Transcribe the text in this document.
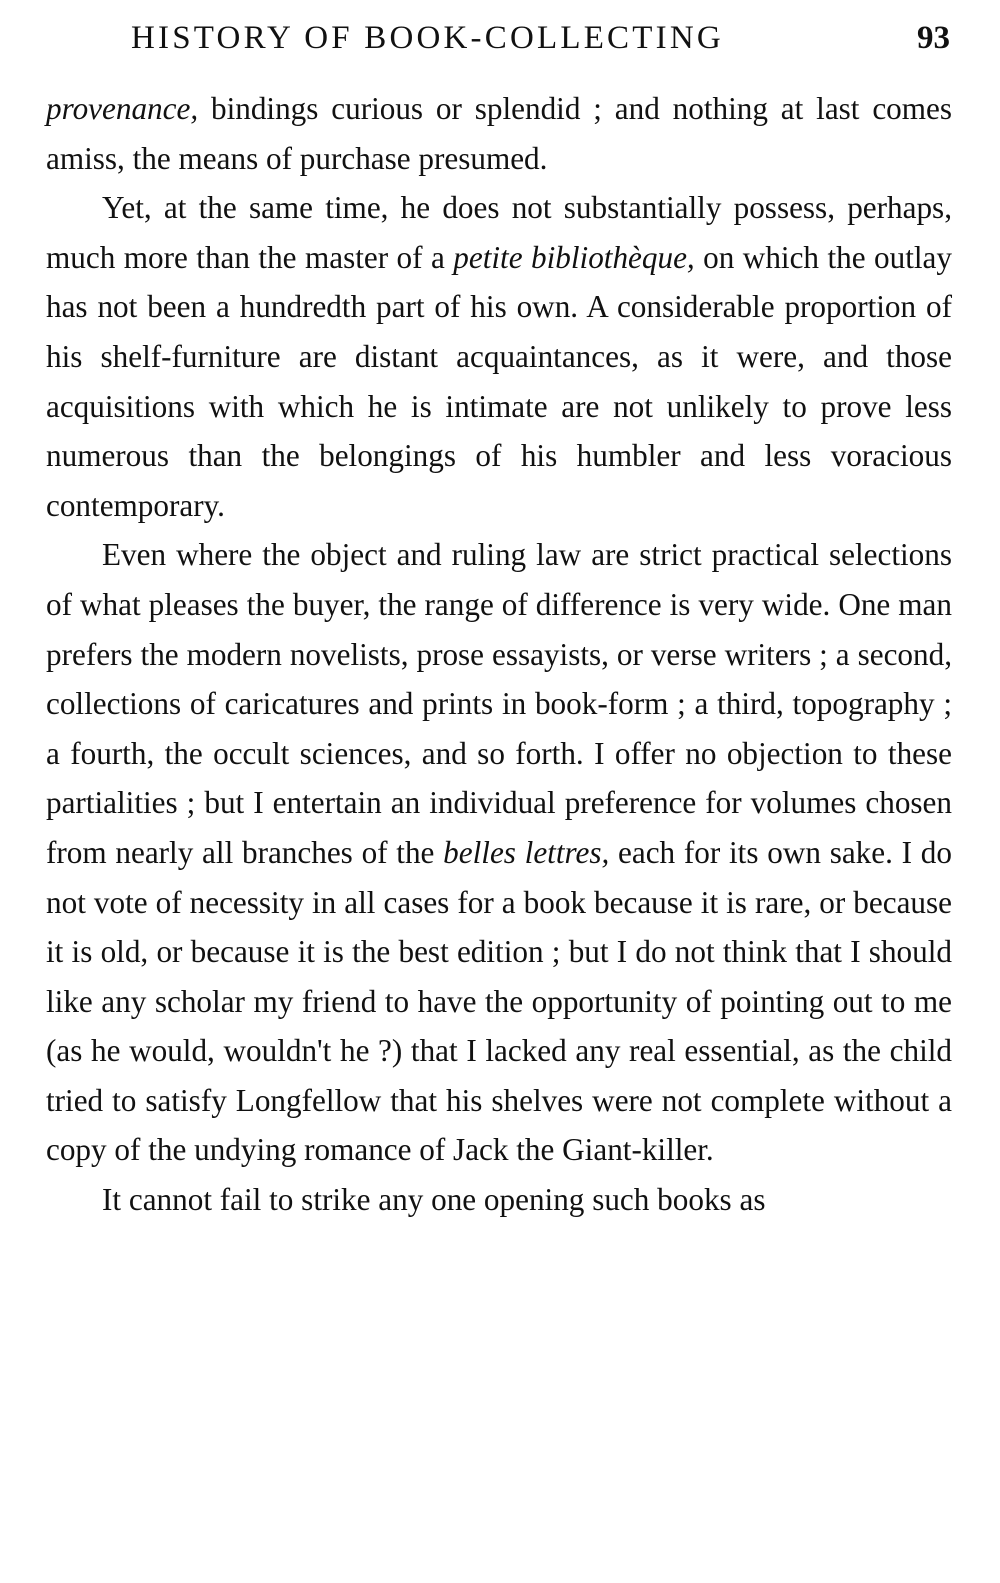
HISTORY OF BOOK-COLLECTING	93

provenance, bindings curious or splendid ; and nothing at last comes amiss, the means of purchase presumed.

Yet, at the same time, he does not substantially possess, perhaps, much more than the master of a petite bibliothèque, on which the outlay has not been a hundredth part of his own. A considerable proportion of his shelf-furniture are distant acquaintances, as it were, and those acquisitions with which he is intimate are not unlikely to prove less numerous than the belongings of his humbler and less voracious contemporary.

Even where the object and ruling law are strict practical selections of what pleases the buyer, the range of difference is very wide. One man prefers the modern novelists, prose essayists, or verse writers ; a second, collections of caricatures and prints in book-form ; a third, topography ; a fourth, the occult sciences, and so forth. I offer no objection to these partialities ; but I entertain an individual preference for volumes chosen from nearly all branches of the belles lettres, each for its own sake. I do not vote of necessity in all cases for a book because it is rare, or because it is old, or because it is the best edition ; but I do not think that I should like any scholar my friend to have the opportunity of pointing out to me (as he would, wouldn't he ?) that I lacked any real essential, as the child tried to satisfy Longfellow that his shelves were not complete without a copy of the undying romance of Jack the Giant-killer.

It cannot fail to strike any one opening such books as
